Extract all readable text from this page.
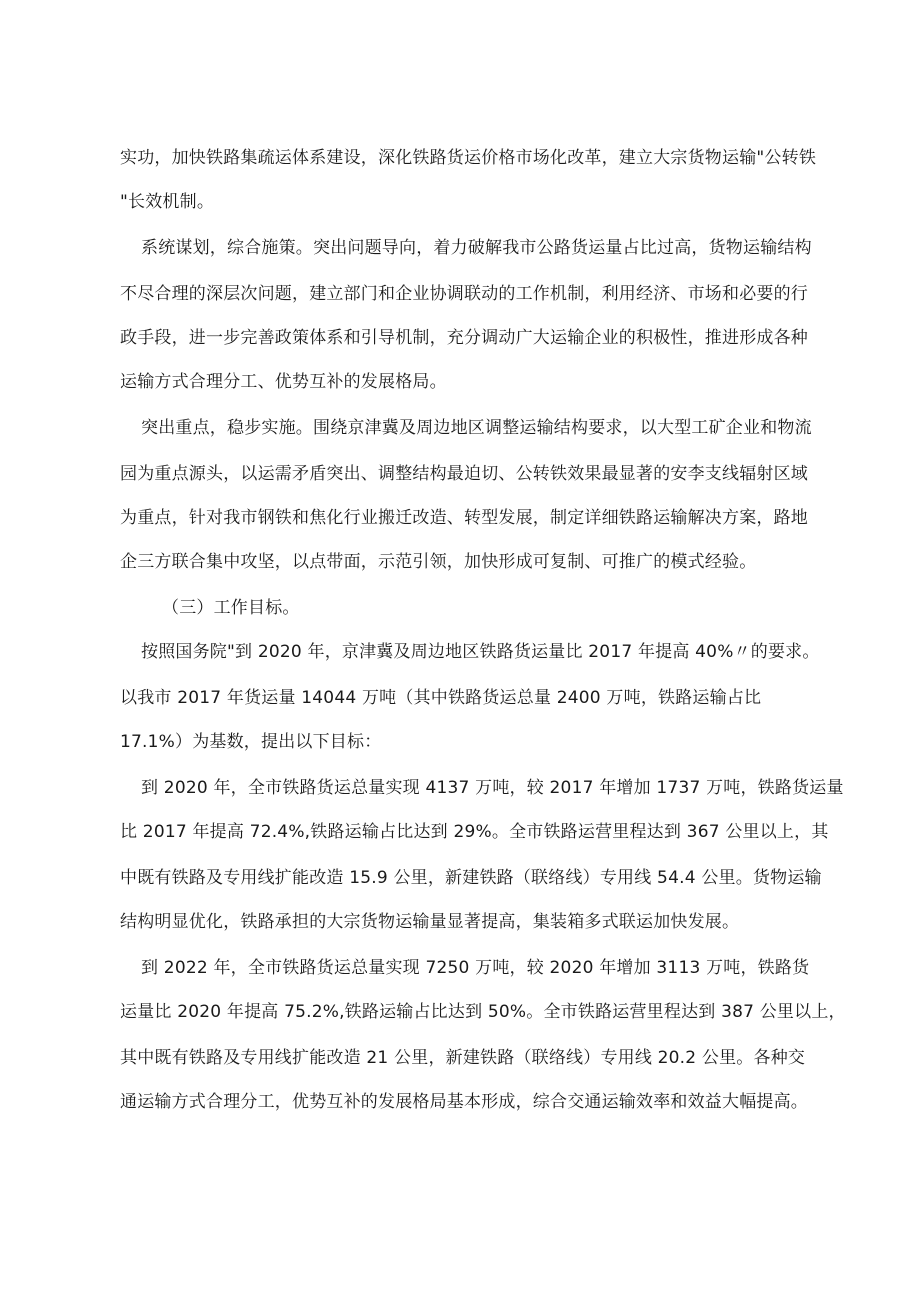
实功，加快铁路集疏运体系建设，深化铁路货运价格市场化改革，建立大宗货物运输"公转铁
"长效机制。
系统谋划，综合施策。突出问题导向，着力破解我市公路货运量占比过高，货物运输结构
不尽合理的深层次问题，建立部门和企业协调联动的工作机制，利用经济、市场和必要的行
政手段，进一步完善政策体系和引导机制，充分调动广大运输企业的积极性，推进形成各种
运输方式合理分工、优势互补的发展格局。
突出重点，稳步实施。围绕京津冀及周边地区调整运输结构要求，以大型工矿企业和物流
园为重点源头，以运需矛盾突出、调整结构最迫切、公转铁效果最显著的安李支线辐射区域
为重点，针对我市钢铁和焦化行业搬迁改造、转型发展，制定详细铁路运输解决方案，路地
企三方联合集中攻坚，以点带面，示范引领，加快形成可复制、可推广的模式经验。
（三）工作目标。
按照国务院"到 2020 年，京津冀及周边地区铁路货运量比 2017 年提高 40%〃的要求。
以我市 2017 年货运量 14044 万吨（其中铁路货运总量 2400 万吨，铁路运输占比
17.1%）为基数，提出以下目标：
到 2020 年，全市铁路货运总量实现 4137 万吨，较 2017 年增加 1737 万吨，铁路货运量
比 2017 年提高 72.4%,铁路运输占比达到 29%。全市铁路运营里程达到 367 公里以上，其
中既有铁路及专用线扩能改造 15.9 公里，新建铁路（联络线）专用线 54.4 公里。货物运输
结构明显优化，铁路承担的大宗货物运输量显著提高，集装箱多式联运加快发展。
到 2022 年，全市铁路货运总量实现 7250 万吨，较 2020 年增加 3113 万吨，铁路货
运量比 2020 年提高 75.2%,铁路运输占比达到 50%。全市铁路运营里程达到 387 公里以上，
其中既有铁路及专用线扩能改造 21 公里，新建铁路（联络线）专用线 20.2 公里。各种交
通运输方式合理分工，优势互补的发展格局基本形成，综合交通运输效率和效益大幅提高。
